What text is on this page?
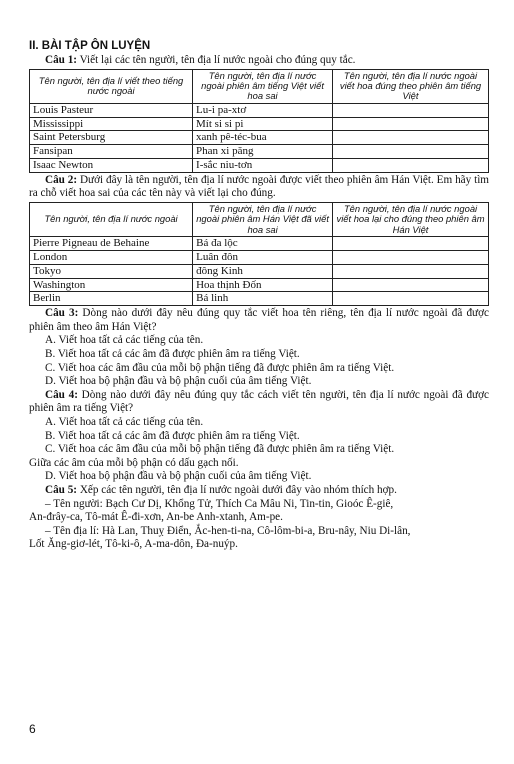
II. BÀI TẬP ÔN LUYỆN

Câu 1: Viết lại các tên người, tên địa lí nước ngoài cho đúng quy tắc.

Tên người, tên địa lí viết theo tiếng nước ngoài	Tên người, tên địa lí nước ngoài phiên âm tiếng Việt viết hoa sai	Tên người, tên địa lí nước ngoài viết hoa đúng theo phiên âm tiếng Việt
Louis Pasteur	Lu-i pa-xtơ	
Mississippi	Mít si si pi	
Saint Petersburg	xanh pê-téc-bua	
Fansipan	Phan xi păng	
Isaac Newton	I-sắc niu-tơn	

Câu 2: Dưới đây là tên người, tên địa lí nước ngoài được viết theo phiên âm Hán Việt. Em hãy tìm ra chỗ viết hoa sai của các tên này và viết lại cho đúng.

Tên người, tên địa lí nước ngoài	Tên người, tên địa lí nước ngoài phiên âm Hán Việt đã viết hoa sai	Tên người, tên địa lí nước ngoài viết hoa lại cho đúng theo phiên âm Hán Việt
Pierre Pigneau de Behaine	Bá đa lộc	
London	Luân đôn	
Tokyo	đông Kinh	
Washington	Hoa thịnh Đốn	
Berlin	Bá linh	

Câu 3: Dòng nào dưới đây nêu đúng quy tắc viết hoa tên riêng, tên địa lí nước ngoài đã được phiên âm theo âm Hán Việt?

A. Viết hoa tất cả các tiếng của tên.

B. Viết hoa tất cả các âm đã được phiên âm ra tiếng Việt.

C. Viết hoa các âm đầu của mỗi bộ phận tiếng đã được phiên âm ra tiếng Việt.

D. Viết hoa bộ phận đầu và bộ phận cuối của âm tiếng Việt.

Câu 4: Dòng nào dưới đây nêu đúng quy tắc cách viết tên người, tên địa lí nước ngoài đã được phiên âm ra tiếng Việt?

A. Viết hoa tất cả các tiếng của tên.

B. Viết hoa tất cả các âm đã được phiên âm ra tiếng Việt.

C. Viết hoa các âm đầu của mỗi bộ phận tiếng đã được phiên âm ra tiếng Việt.

Giữa các âm của mỗi bộ phận có dấu gạch nối.

D. Viết hoa bộ phận đầu và bộ phận cuối của âm tiếng Việt.

Câu 5: Xếp các tên người, tên địa lí nước ngoài dưới đây vào nhóm thích hợp.

– Tên người: Bạch Cư Dị, Khổng Tử, Thích Ca Mâu Ni, Tin-tin, Gioóc Ê-giê,

An-đrây-ca, Tô-mát Ê-đi-xơn, An-be Anh-xtanh, Am-pe.

– Tên địa lí: Hà Lan, Thuỵ Điển, Ắc-hen-ti-na, Cô-lôm-bi-a, Bru-nây, Niu Di-lân,

Lốt Ăng-giơ-lét, Tô-ki-ô, A-ma-dôn, Đa-nuýp.

6
